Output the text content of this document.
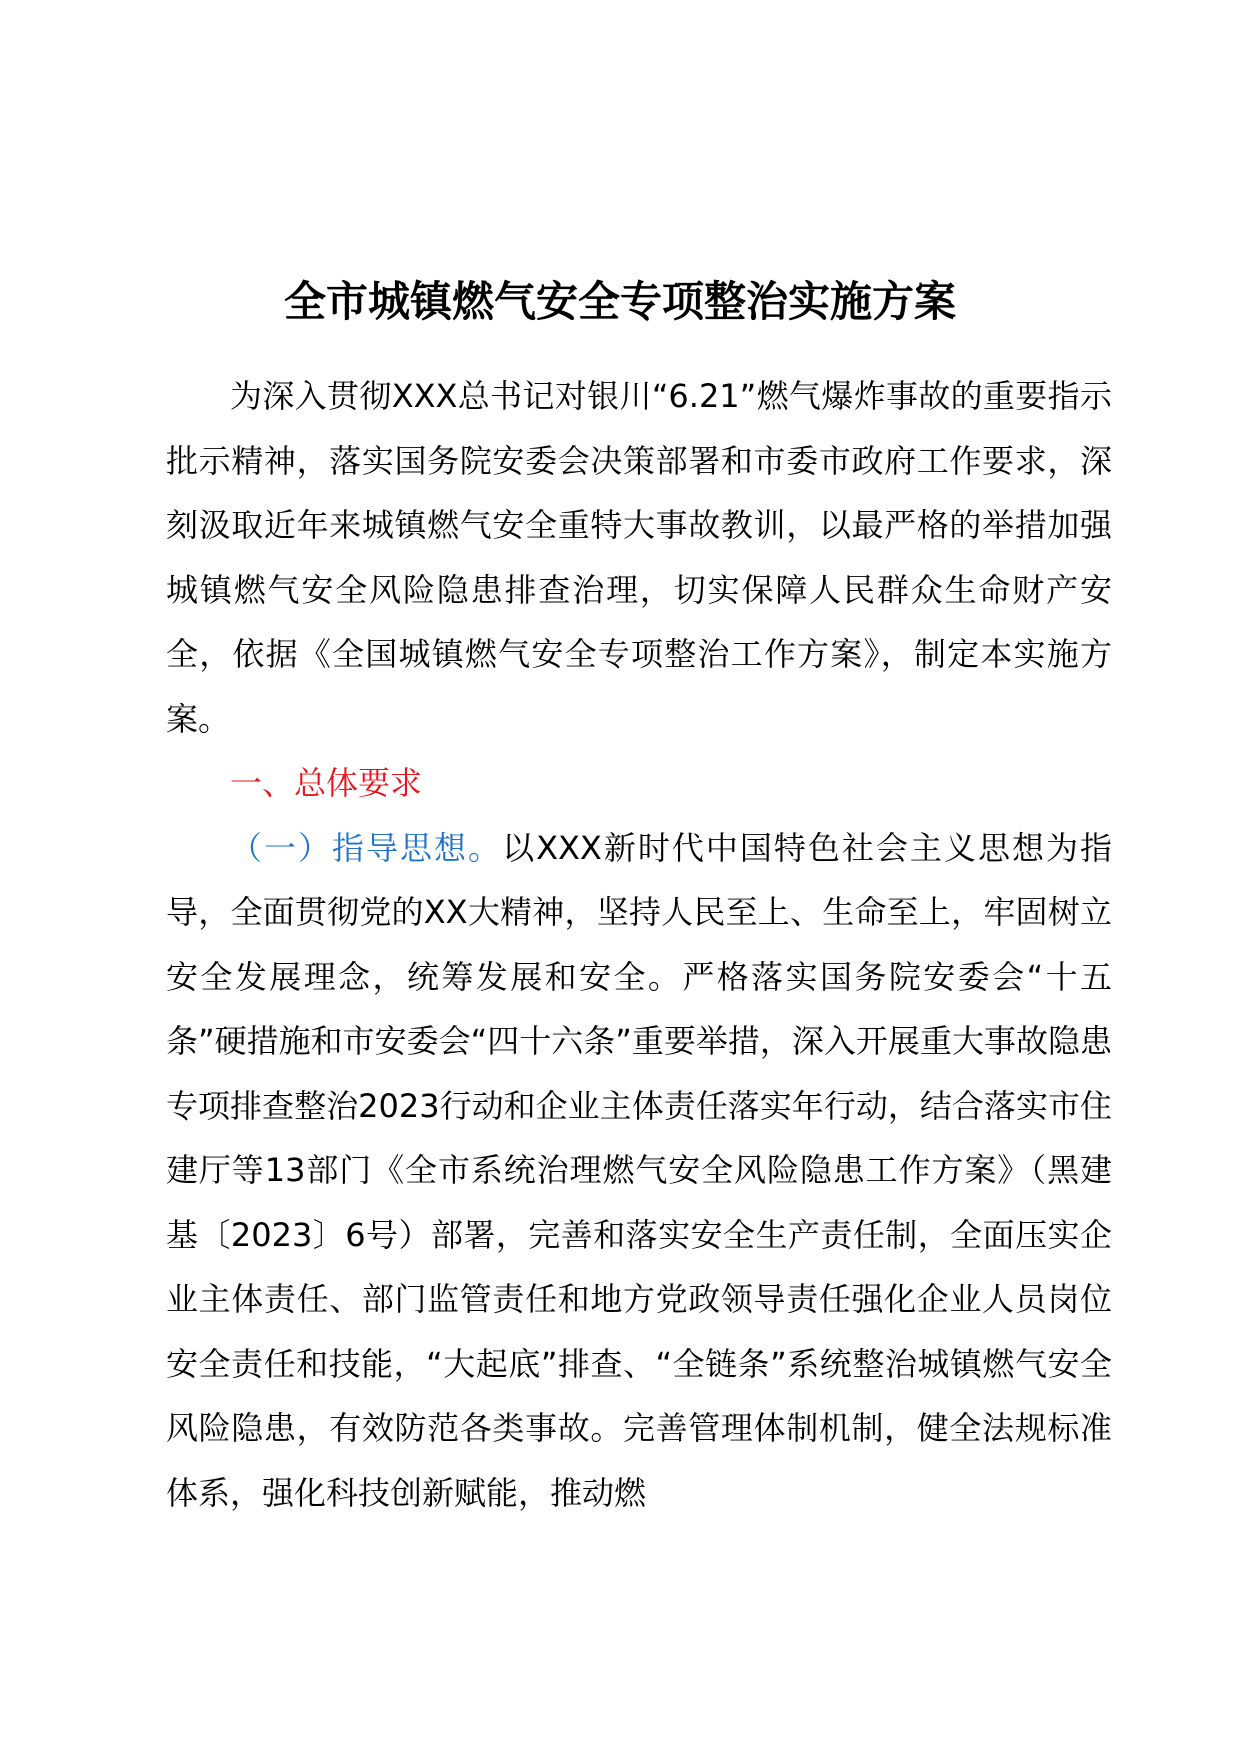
全市城镇燃气安全专项整治实施方案

为深入贯彻XXX总书记对银川“6.21”燃气爆炸事故的重要指示批示精神，落实国务院安委会决策部署和市委市政府工作要求，深刻汲取近年来城镇燃气安全重特大事故教训，以最严格的举措加强城镇燃气安全风险隐患排查治理，切实保障人民群众生命财产安全，依据《全国城镇燃气安全专项整治工作方案》，制定本实施方案。

一、总体要求

（一）指导思想。以XXX新时代中国特色社会主义思想为指导，全面贯彻党的XX大精神，坚持人民至上、生命至上，牢固树立安全发展理念，统筹发展和安全。严格落实国务院安委会“十五条”硬措施和市安委会“四十六条”重要举措，深入开展重大事故隐患专项排查整治2023行动和企业主体责任落实年行动，结合落实市住建厅等13部门《全市系统治理燃气安全风险隐患工作方案》（黑建基〔2023〕6号）部署，完善和落实安全生产责任制，全面压实企业主体责任、部门监管责任和地方党政领导责任强化企业人员岗位安全责任和技能，“大起底”排查、“全链条”系统整治城镇燃气安全风险隐患，有效防范各类事故。完善管理体制机制，健全法规标准体系，强化科技创新赋能，推动燃
